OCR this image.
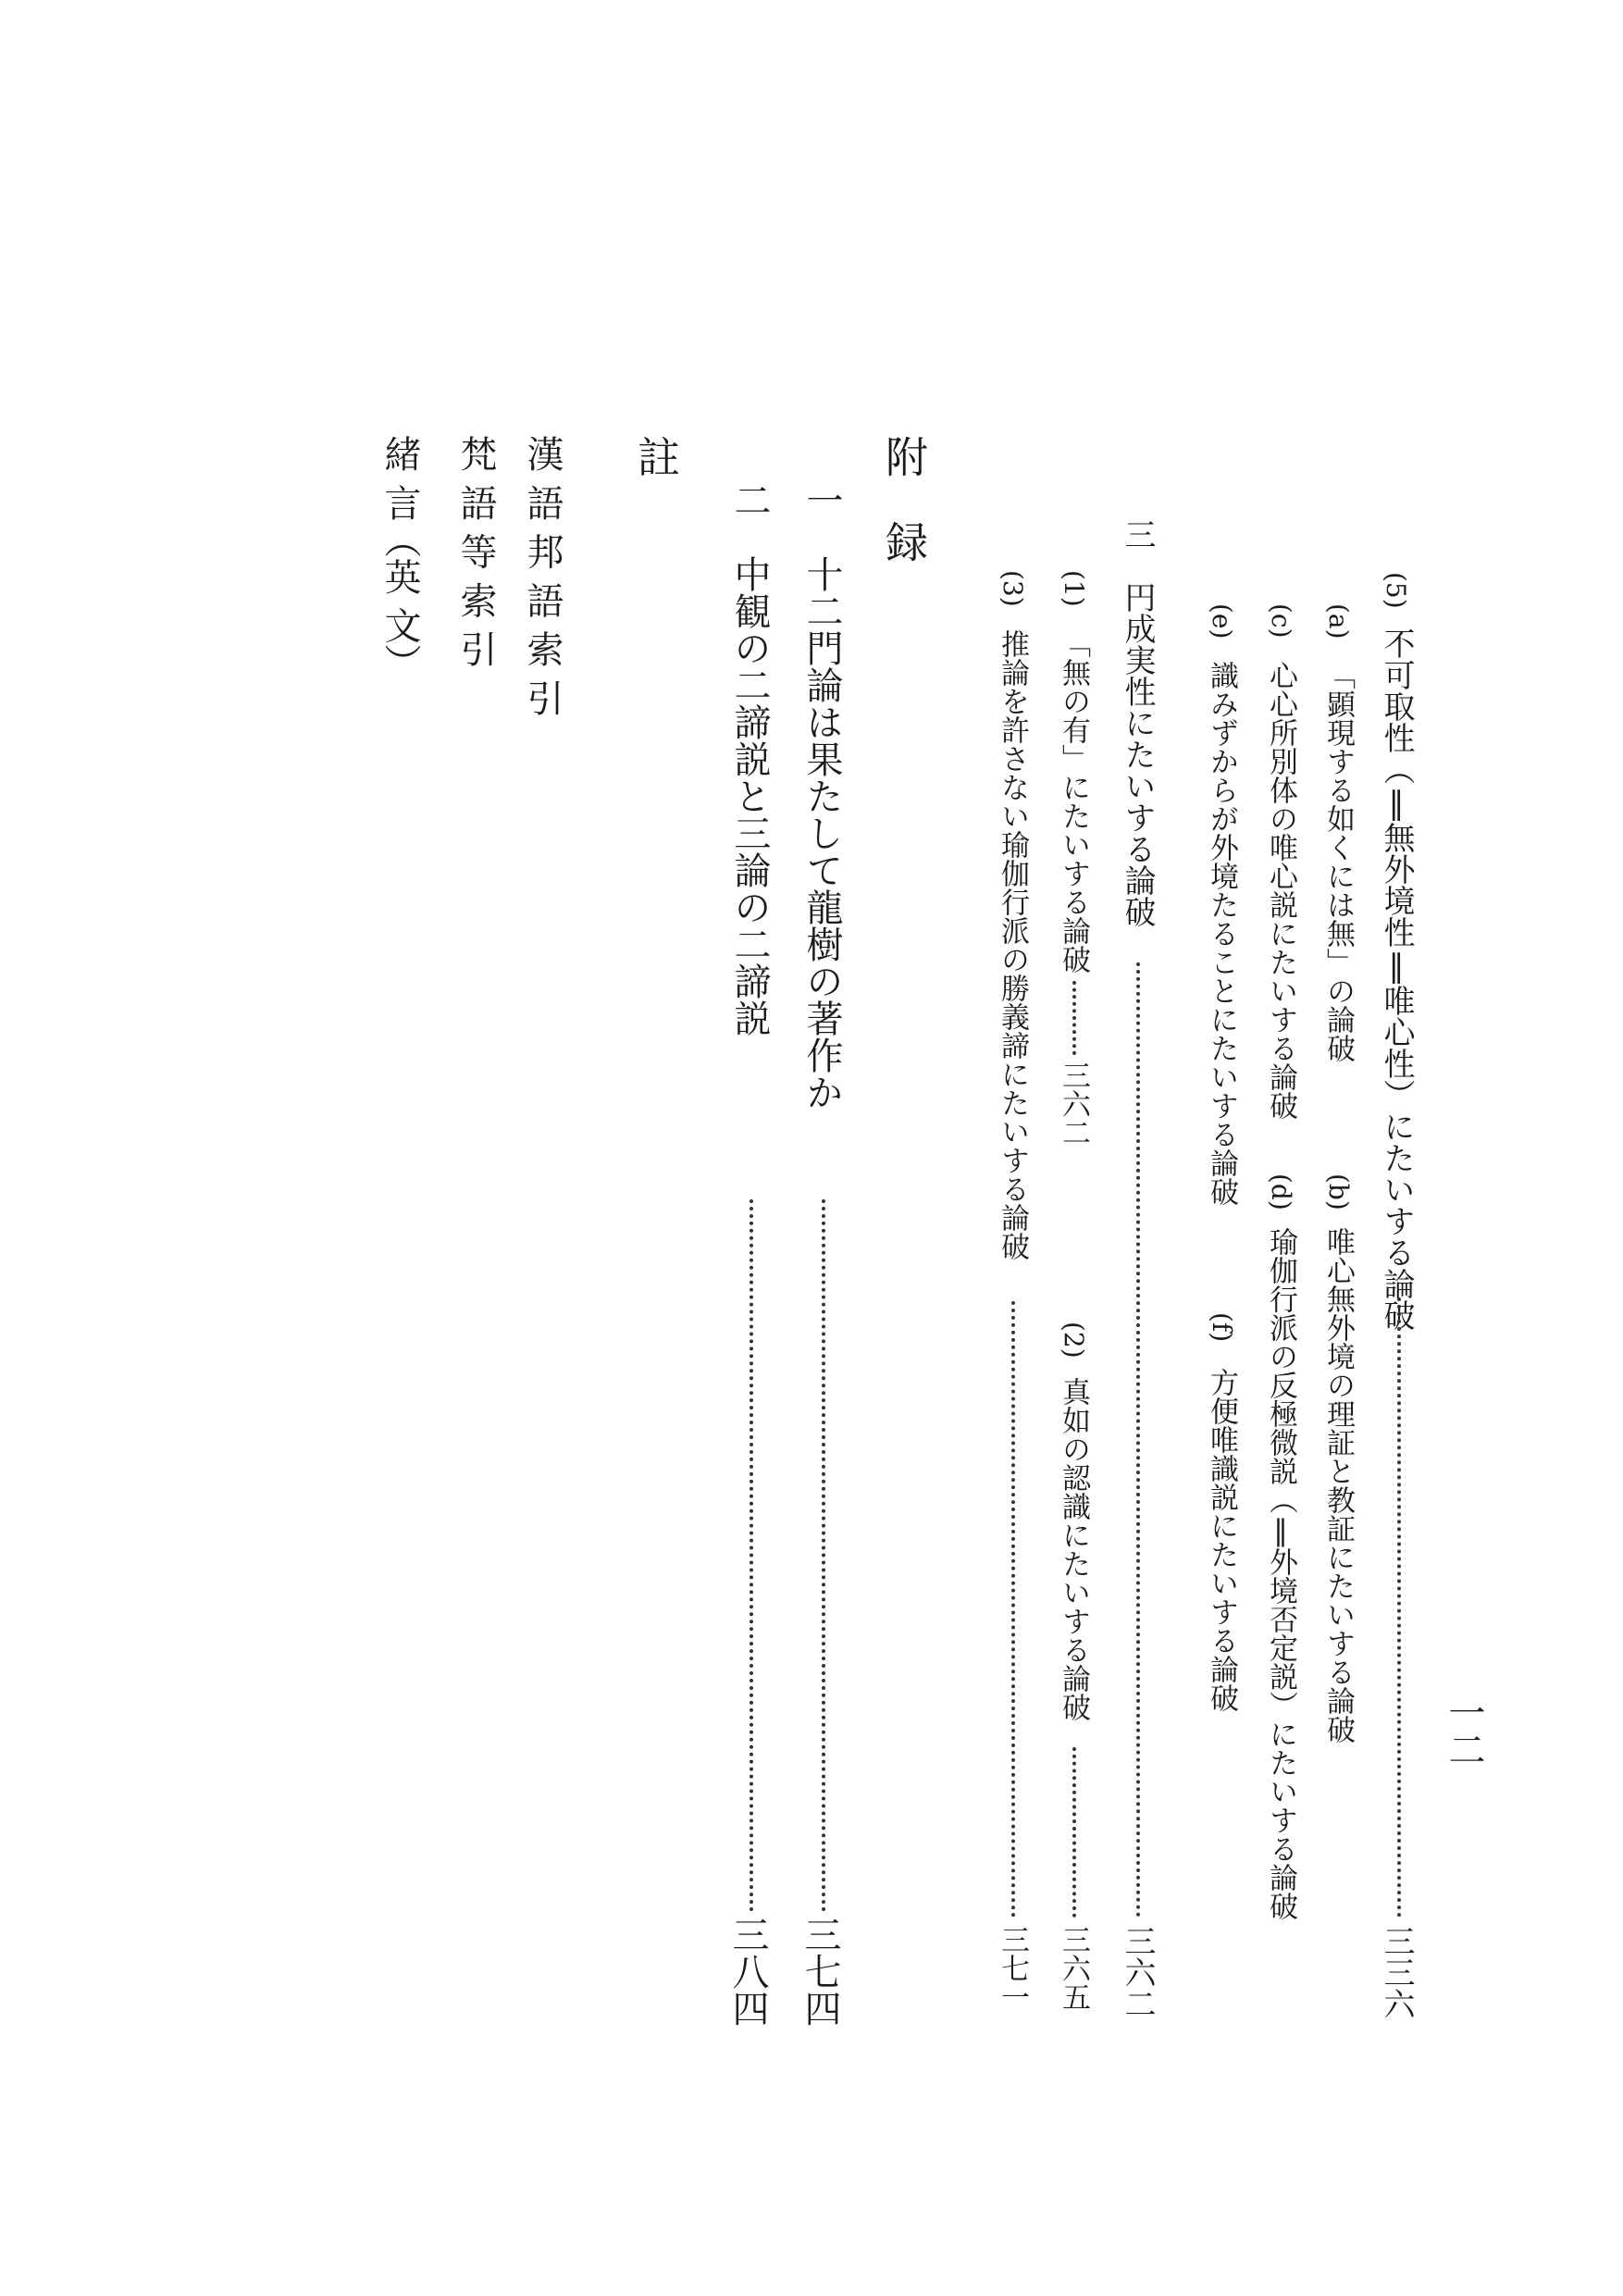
一二
(5)
不可取性（‖無外境性‖唯心性）にたいする論破
三三六
(a)
「顕現する如くには無」の論破
(b)
唯心無外境の理証と教証にたいする論破
(c)
心心所別体の唯心説にたいする論破
(d)
瑜伽行派の反極微説（‖外境否定説）にたいする論破
(e)
識みずからが外境たることにたいする論破
(f)
方便唯識説にたいする論破
三
円成実性にたいする論破
三六二
(1)
「無の有」にたいする論破
三六二
(2)
真如の認識にたいする論破
三六五
(3)
推論を許さない瑜伽行派の勝義諦にたいする論破
三七一
附　録
一
十二門論は果たして龍樹の著作か
三七四
二
中観の二諦説と三論の二諦説
三八四
註
漢 語 邦 語 索 引
梵 語 等 索 引
緒 言（英 文）
